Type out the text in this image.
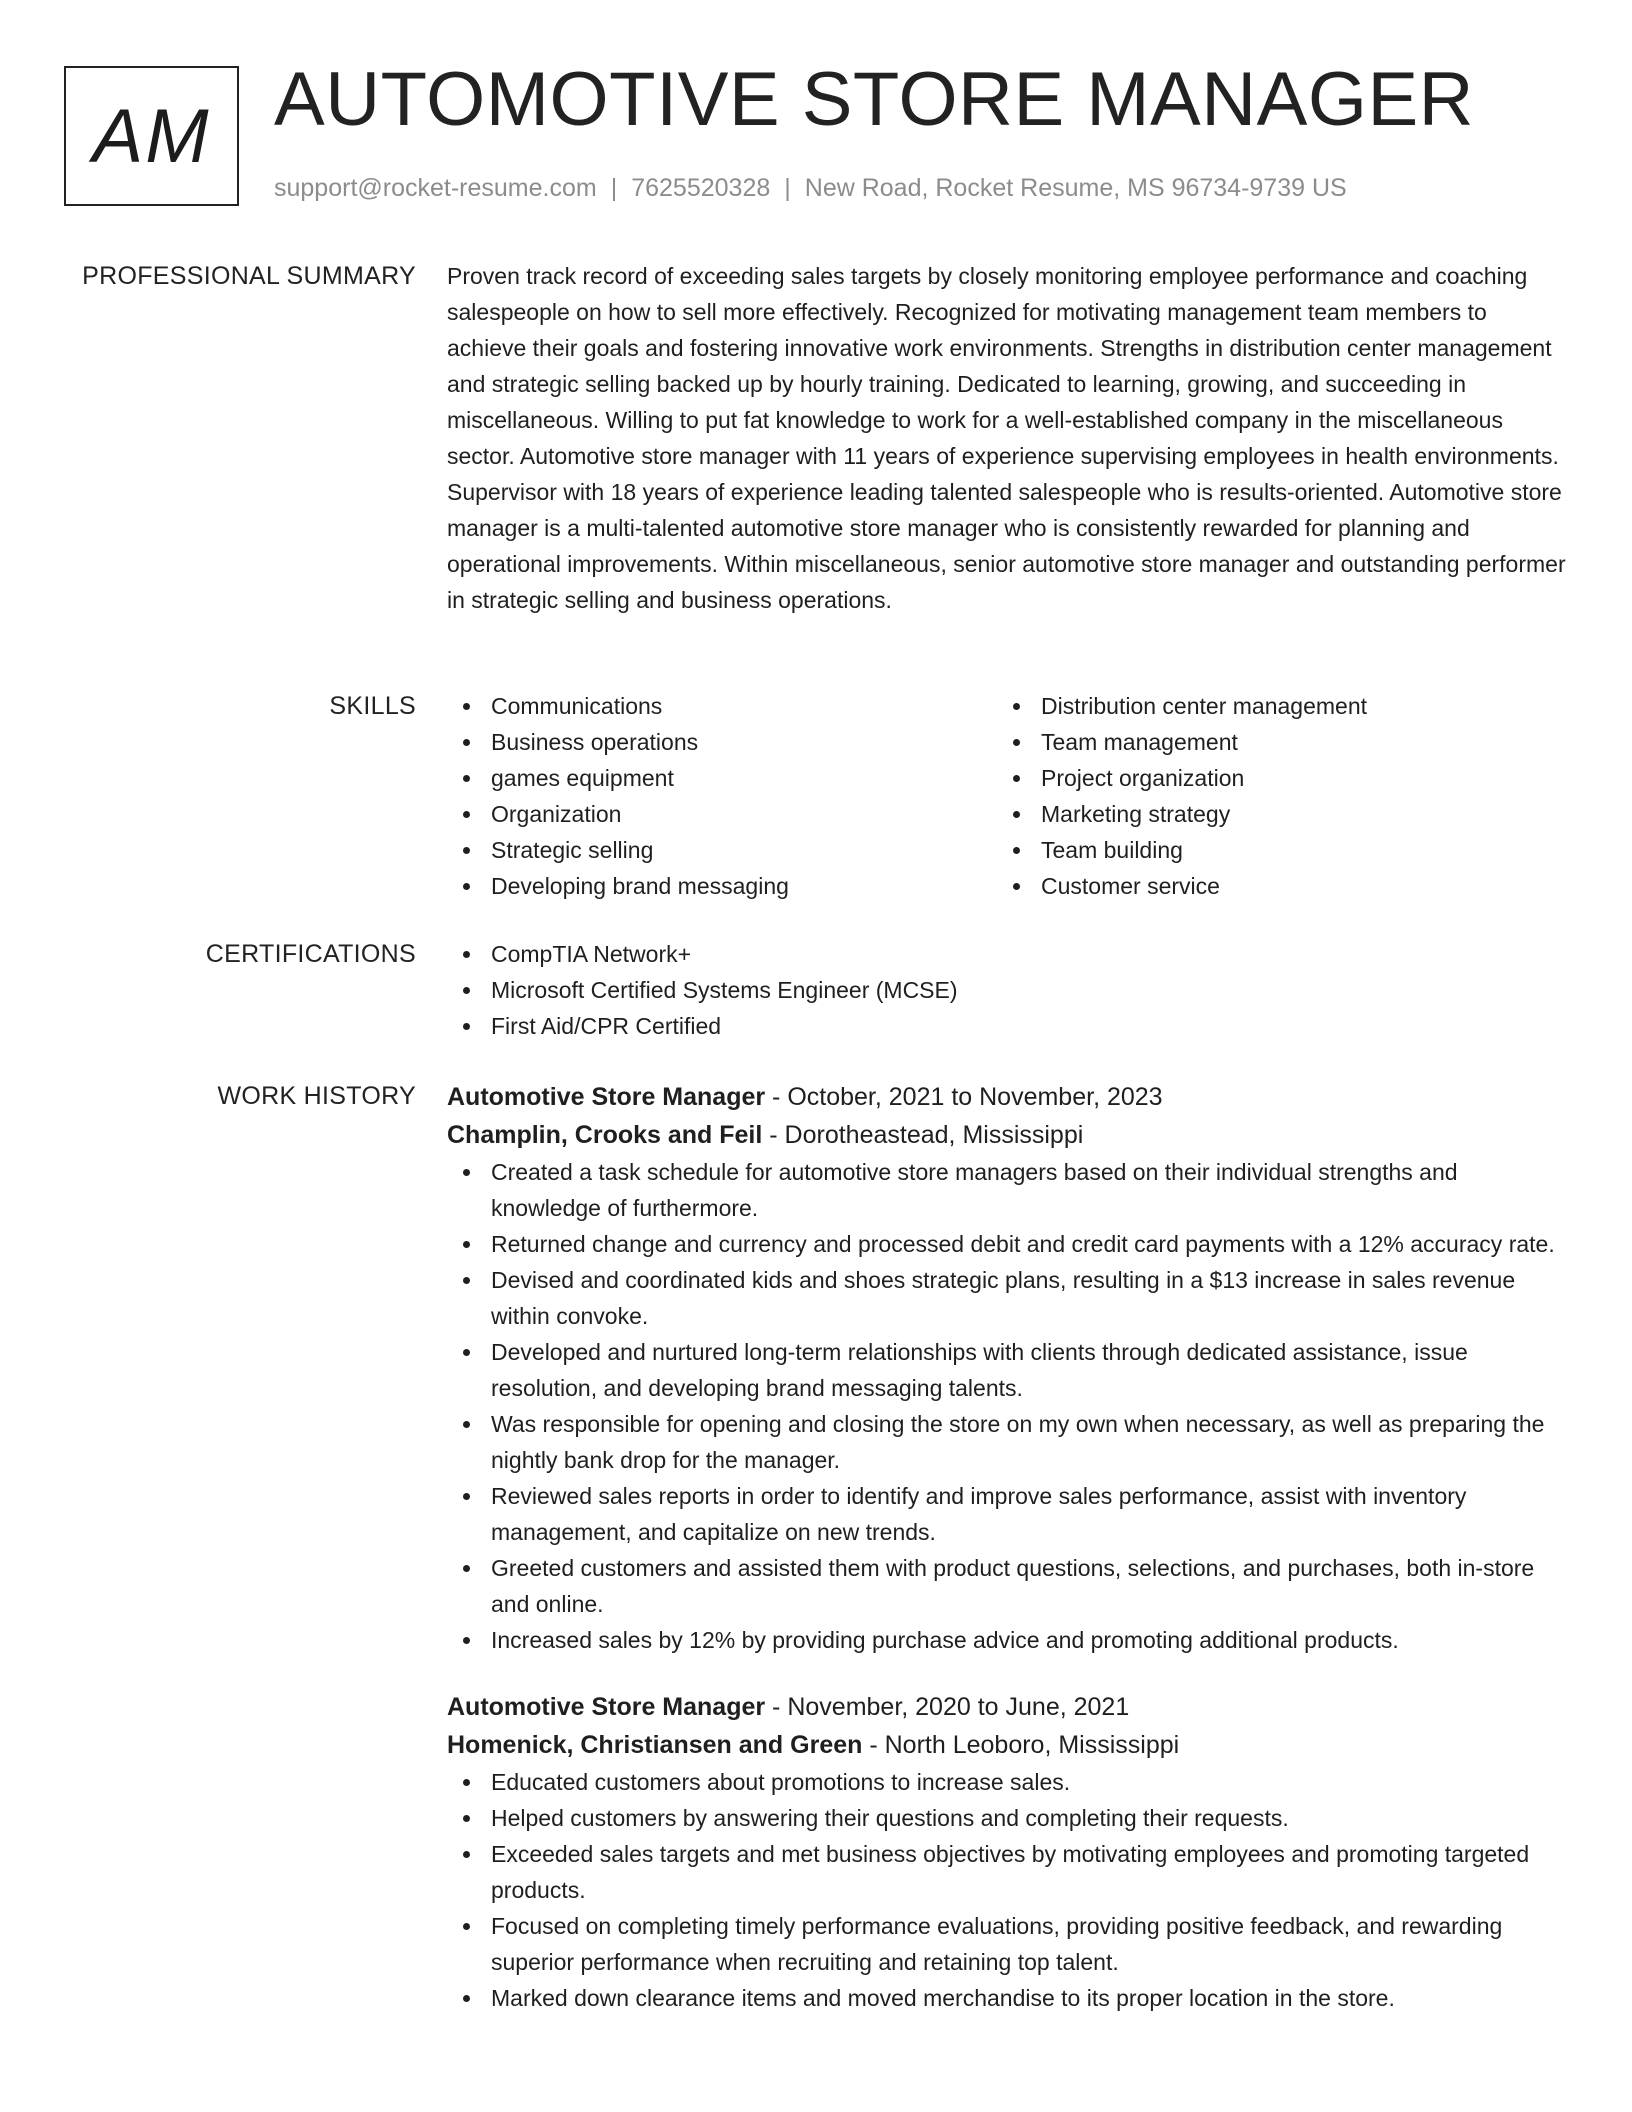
AM AUTOMOTIVE STORE MANAGER
support@rocket-resume.com | 7625520328 | New Road, Rocket Resume, MS 96734-9739 US
PROFESSIONAL SUMMARY Proven track record of exceeding sales targets by closely monitoring employee performance and coaching salespeople on how to sell more effectively. Recognized for motivating management team members to achieve their goals and fostering innovative work environments. Strengths in distribution center management and strategic selling backed up by hourly training. Dedicated to learning, growing, and succeeding in miscellaneous. Willing to put fat knowledge to work for a well-established company in the miscellaneous sector. Automotive store manager with 11 years of experience supervising employees in health environments. Supervisor with 18 years of experience leading talented salespeople who is results-oriented. Automotive store manager is a multi-talented automotive store manager who is consistently rewarded for planning and operational improvements. Within miscellaneous, senior automotive store manager and outstanding performer in strategic selling and business operations.

SKILLS	Communications
Business operations
games equipment
Organization
Strategic selling
Developing brand messaging
Distribution center management
Team management
Project organization
Marketing strategy
Team building
Customer service
CERTIFICATIONS	CompTIA Network+
Microsoft Certified Systems Engineer (MCSE)
First Aid/CPR Certified
WORK HISTORY Automotive Store Manager - October, 2021 to November, 2023
Champlin, Crooks and Feil - Dorotheastead, Mississippi
Created a task schedule for automotive store managers based on their individual strengths and knowledge of furthermore.
Returned change and currency and processed debit and credit card payments with a 12% accuracy rate.
Devised and coordinated kids and shoes strategic plans, resulting in a $13 increase in sales revenue within convoke.
Developed and nurtured long-term relationships with clients through dedicated assistance, issue resolution, and developing brand messaging talents.
Was responsible for opening and closing the store on my own when necessary, as well as preparing the nightly bank drop for the manager.
Reviewed sales reports in order to identify and improve sales performance, assist with inventory management, and capitalize on new trends.
Greeted customers and assisted them with product questions, selections, and purchases, both in-store and online.
Increased sales by 12% by providing purchase advice and promoting additional products.
Automotive Store Manager - November, 2020 to June, 2021
Homenick, Christiansen and Green - North Leoboro, Mississippi
Educated customers about promotions to increase sales.
Helped customers by answering their questions and completing their requests.
Exceeded sales targets and met business objectives by motivating employees and promoting targeted products.
Focused on completing timely performance evaluations, providing positive feedback, and rewarding superior performance when recruiting and retaining top talent.
Marked down clearance items and moved merchandise to its proper location in the store.
